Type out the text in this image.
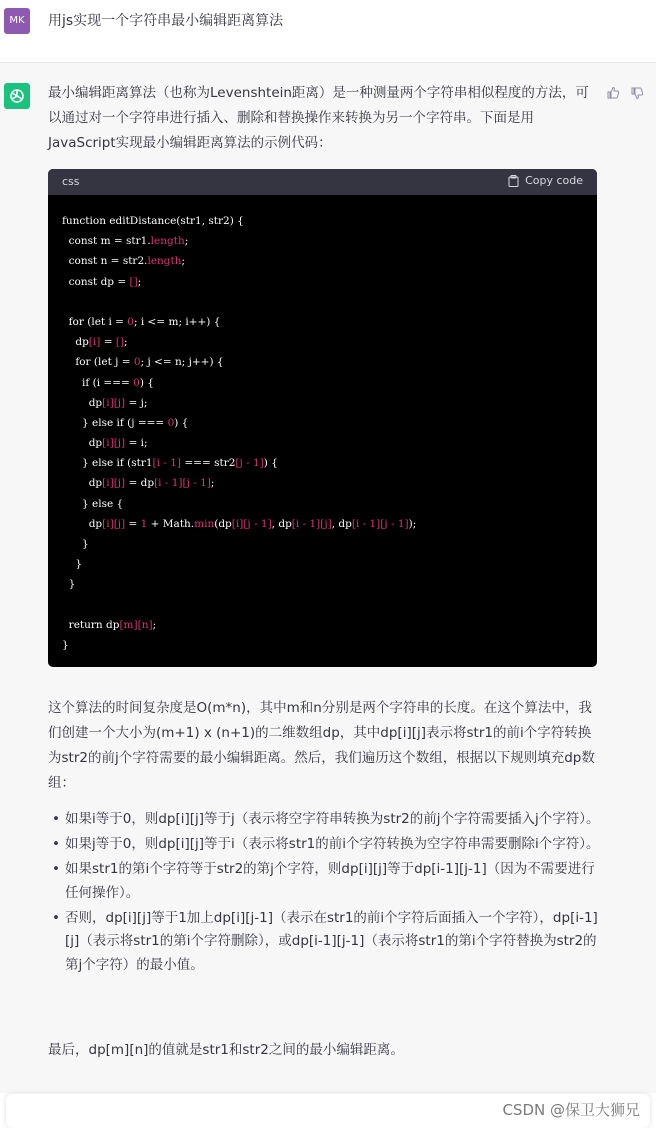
MK	用js实现一个字符串最小编辑距离算法

最小编辑距离算法（也称为Levenshtein距离）是一种测量两个字符串相似程度的方法，可以通过对一个字符串进行插入、删除和替换操作来转换为另一个字符串。下面是用JavaScript实现最小编辑距离算法的示例代码：

css	Copy code
function editDistance(str1, str2) {
const m = str1.length;
const n = str2.length;
const dp = [];
for (let i = 0; i <= m; i++) {
dp[i] = [];
for (let j = 0; j <= n; j++) {
if (i === 0) {
dp[i][j] = j;
} else if (j === 0) {
dp[i][j] = i;
} else if (str1[i - 1] === str2[j - 1]) {
dp[i][j] = dp[i - 1][j - 1];
} else {
dp[i][j] = 1 + Math.min(dp[i][j - 1], dp[i - 1][j], dp[i - 1][j - 1]);
}
}
}
return dp[m][n];
}

这个算法的时间复杂度是O(m*n)，其中m和n分别是两个字符串的长度。在这个算法中，我们创建一个大小为(m+1) x (n+1)的二维数组dp，其中dp[i][j]表示将str1的前i个字符转换为str2的前j个字符需要的最小编辑距离。然后，我们遍历这个数组，根据以下规则填充dp数组：

• 如果i等于0，则dp[i][j]等于j（表示将空字符串转换为str2的前j个字符需要插入j个字符）。
• 如果j等于0，则dp[i][j]等于i（表示将str1的前i个字符转换为空字符串需要删除i个字符）。
• 如果str1的第i个字符等于str2的第j个字符，则dp[i][j]等于dp[i-1][j-1]（因为不需要进行任何操作）。
• 否则，dp[i][j]等于1加上dp[i][j-1]（表示在str1的前i个字符后面插入一个字符），dp[i-1][j]（表示将str1的第i个字符删除），或dp[i-1][j-1]（表示将str1的第i个字符替换为str2的第j个字符）的最小值。

最后，dp[m][n]的值就是str1和str2之间的最小编辑距离。

CSDN @保卫大狮兄
